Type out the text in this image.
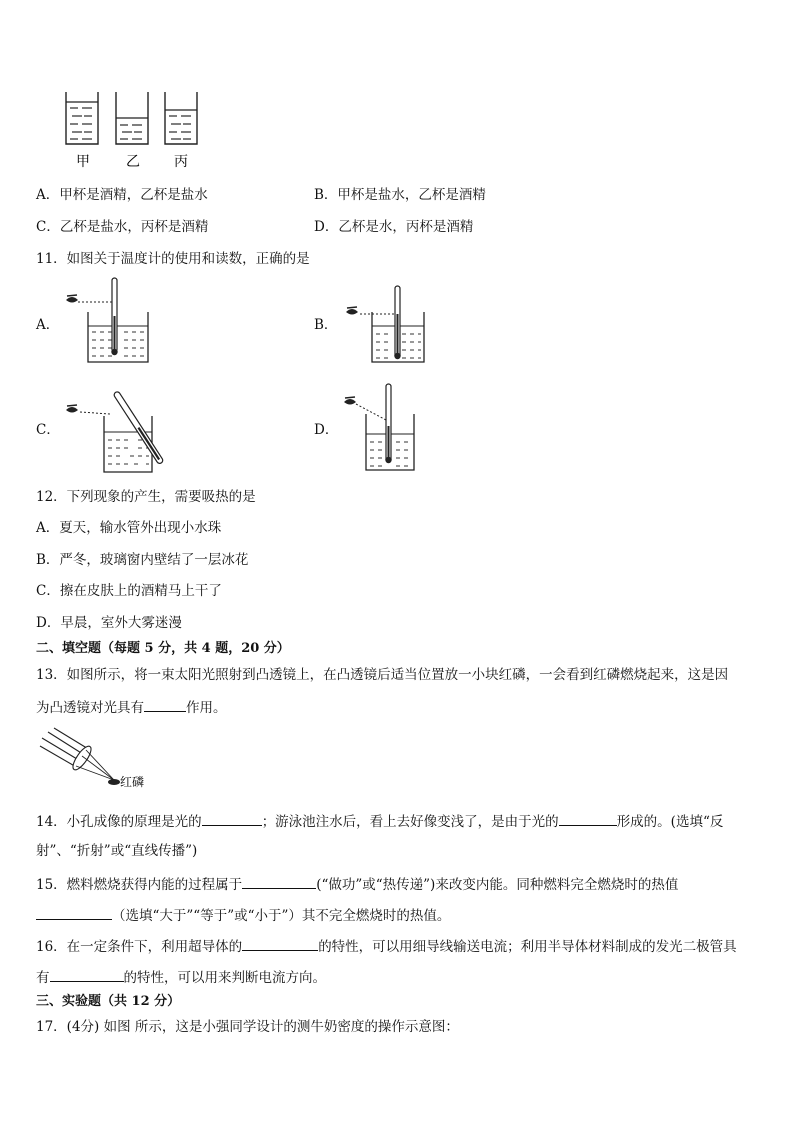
甲	乙 丙
A．甲杯是酒精，乙杯是盐水	B．甲杯是盐水，乙杯是酒精
C．乙杯是盐水，丙杯是酒精	D．乙杯是水，丙杯是酒精
11．如图关于温度计的使用和读数，正确的是
A．	B．
C．	D．
12．下列现象的产生，需要吸热的是
A．夏天，输水管外出现小水珠
B．严冬，玻璃窗内壁结了一层冰花
C．擦在皮肤上的酒精马上干了
D．早晨，室外大雾迷漫
二、填空题（每题 5 分，共 4 题，20 分）
13．如图所示，将一束太阳光照射到凸透镜上，在凸透镜后适当位置放一小块红磷，一会看到红磷燃烧起来，这是因
为凸透镜对光具有	作用。
红磷
14．小孔成像的原理是光的	；游泳池注水后，看上去好像变浅了，是由于光的	形成的。(选填“反
射”、“折射”或“直线传播”)
15．燃料燃烧获得内能的过程属于	(“做功”或“热传递”)来改变内能。同种燃料完全燃烧时的热值
（选填“大于”“等于”或“小于”）其不完全燃烧时的热值。
16．在一定条件下，利用超导体的	的特性，可以用细导线输送电流；利用半导体材料制成的发光二极管具
有	的特性，可以用来判断电流方向。
三、实验题（共 12 分）
17．(4分) 如图 所示，这是小强同学设计的测牛奶密度的操作示意图：
